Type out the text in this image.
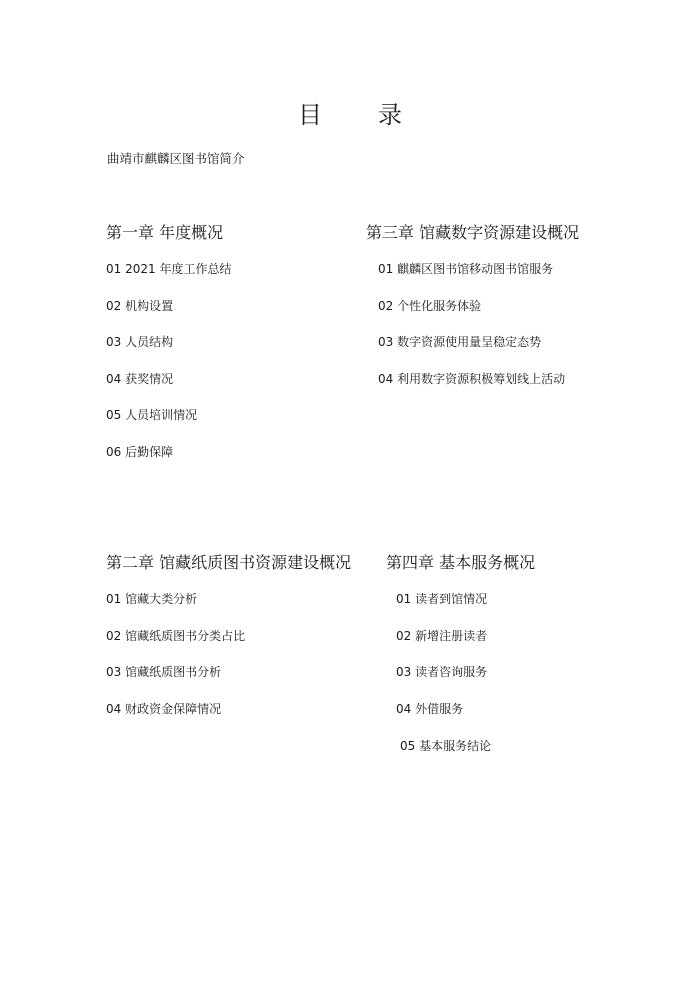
目 录
曲靖市麒麟区图书馆简介
第一章 年度概况
01 2021 年度工作总结
02 机构设置
03 人员结构
04 获奖情况
05 人员培训情况
06 后勤保障
第三章 馆藏数字资源建设概况
01 麒麟区图书馆移动图书馆服务
02 个性化服务体验
03 数字资源使用量呈稳定态势
04 利用数字资源积极筹划线上活动
第二章 馆藏纸质图书资源建设概况
01 馆藏大类分析
02 馆藏纸质图书分类占比
03 馆藏纸质图书分析
04 财政资金保障情况
第四章 基本服务概况
01 读者到馆情况
02 新增注册读者
03 读者咨询服务
04 外借服务
05 基本服务结论
